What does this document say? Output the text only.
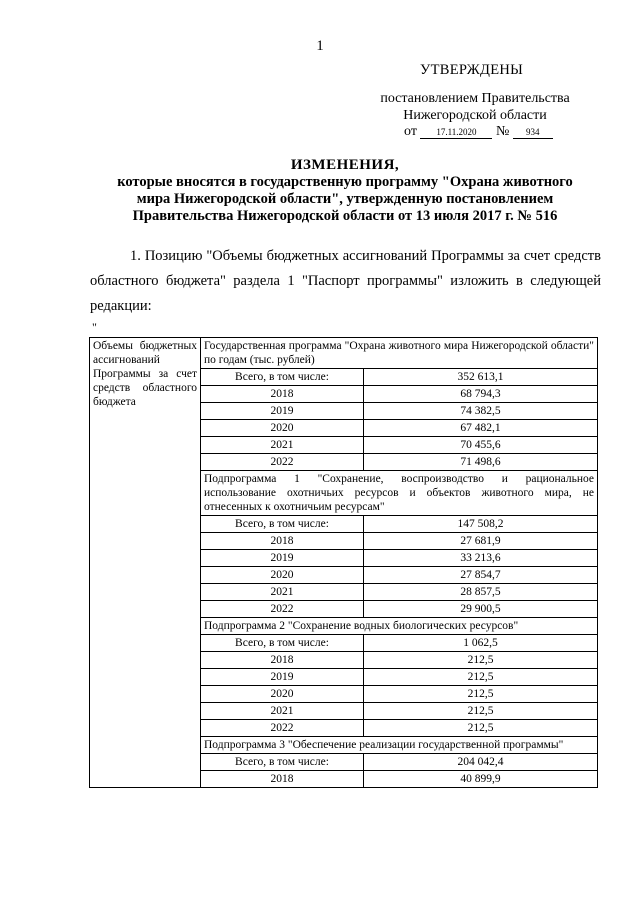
1
УТВЕРЖДЕНЫ
постановлением Правительства
Нижегородской области
от 17.11.2020 № 934
ИЗМЕНЕНИЯ,
которые вносятся в государственную программу "Охрана животного
мира Нижегородской области", утвержденную постановлением
Правительства Нижегородской области от 13 июля 2017 г. № 516
1. Позицию "Объемы бюджетных ассигнований Программы за счет средств областного бюджета" раздела 1 "Паспорт программы" изложить в следующей редакции:
"
Объемы бюджетных ассигнований Программы за счет средств областного бюджета	Государственная программа "Охрана животного мира Нижегородской области" по годам (тыс. рублей)	
	Всего, в том числе:	352 613,1
	2018	68 794,3
	2019	74 382,5
	2020	67 482,1
	2021	70 455,6
	2022	71 498,6
	Подпрограмма 1 "Сохранение, воспроизводство и рациональное использование охотничьих ресурсов и объектов животного мира, не отнесенных к охотничьим ресурсам"	
	Всего, в том числе:	147 508,2
	2018	27 681,9
	2019	33 213,6
	2020	27 854,7
	2021	28 857,5
	2022	29 900,5
	Подпрограмма 2 "Сохранение водных биологических ресурсов"	
	Всего, в том числе:	1 062,5
	2018	212,5
	2019	212,5
	2020	212,5
	2021	212,5
	2022	212,5
	Подпрограмма 3 "Обеспечение реализации государственной программы"	
	Всего, в том числе:	204 042,4
	2018	40 899,9
